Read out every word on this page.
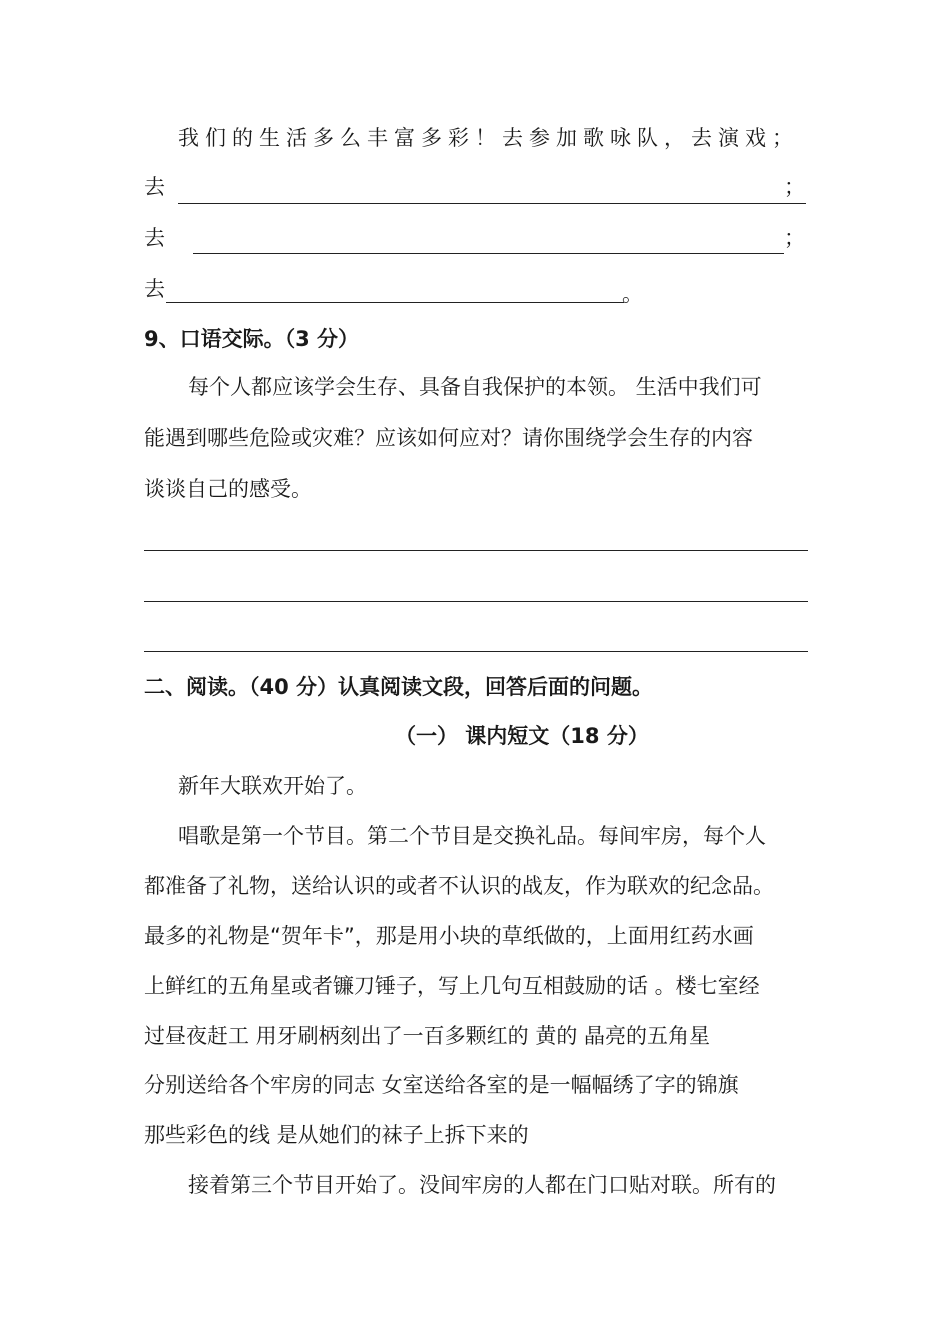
我们的生活多么丰富多彩！去参加歌咏队，去演戏；
去	；
去	；
去	。
9、口语交际。（3 分）
每个人都应该学会生存、具备自我保护的本领。 生活中我们可
能遇到哪些危险或灾难？应该如何应对？请你围绕学会生存的内容
谈谈自己的感受。
二、阅读。（40 分）认真阅读文段，回答后面的问题。
（一） 课内短文（18 分）
新年大联欢开始了。
唱歌是第一个节目。第二个节目是交换礼品。每间牢房，每个人
都准备了礼物，送给认识的或者不认识的战友，作为联欢的纪念品。
最多的礼物是“贺年卡”，那是用小块的草纸做的，上面用红药水画
上鲜红的五角星或者镰刀锤子，写上几句互相鼓励的话 。楼七室经
过昼夜赶工 用牙刷柄刻出了一百多颗红的 黄的 晶亮的五角星
分别送给各个牢房的同志 女室送给各室的是一幅幅绣了字的锦旗
那些彩色的线 是从她们的袜子上拆下来的
接着第三个节目开始了。没间牢房的人都在门口贴对联。所有的
